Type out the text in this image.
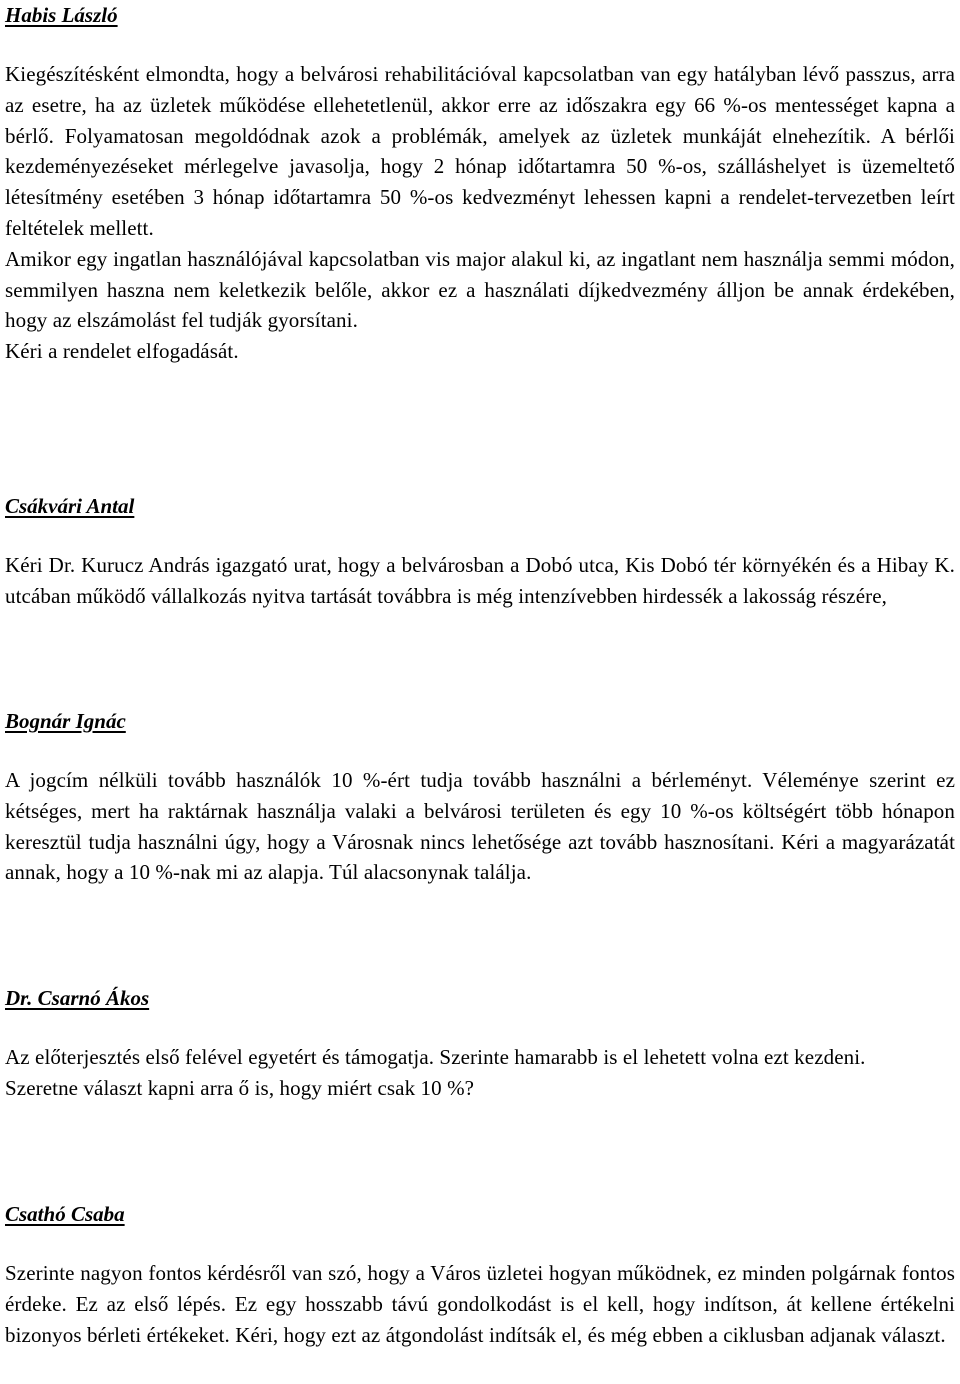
Habis László

Kiegészítésként elmondta, hogy a belvárosi rehabilitációval kapcsolatban van egy hatályban lévő passzus, arra az esetre, ha az üzletek működése ellehetetlenül, akkor erre az időszakra egy 66 %-os mentességet kapna a bérlő. Folyamatosan megoldódnak azok a problémák, amelyek az üzletek munkáját elnehezítik. A bérlői kezdeményezéseket mérlegelve javasolja, hogy 2 hónap időtartamra 50 %-os, szálláshelyet is üzemeltető létesítmény esetében 3 hónap időtartamra 50 %-os kedvezményt lehessen kapni a rendelet-tervezetben leírt feltételek mellett.

Amikor egy ingatlan használójával kapcsolatban vis major alakul ki, az ingatlant nem használja semmi módon, semmilyen haszna nem keletkezik belőle, akkor ez a használati díjkedvezmény álljon be annak érdekében, hogy az elszámolást fel tudják gyorsítani.

Kéri a rendelet elfogadását.

Csákvári Antal

Kéri Dr. Kurucz András igazgató urat, hogy a belvárosban a Dobó utca, Kis Dobó tér környékén és a Hibay K. utcában működő vállalkozás nyitva tartását továbbra is még intenzívebben hirdessék a lakosság részére,

Bognár Ignác

A jogcím nélküli tovább használók 10 %-ért tudja tovább használni a bérleményt. Véleménye szerint ez kétséges, mert ha raktárnak használja valaki a belvárosi területen és egy 10 %-os költségért több hónapon keresztül tudja használni úgy, hogy a Városnak nincs lehetősége azt tovább hasznosítani. Kéri a magyarázatát annak, hogy a 10 %-nak mi az alapja. Túl alacsonynak találja.

Dr. Csarnó Ákos

Az előterjesztés első felével egyetért és támogatja. Szerinte hamarabb is el lehetett volna ezt kezdeni.

Szeretne választ kapni arra ő is, hogy miért csak 10 %?

Csathó Csaba

Szerinte nagyon fontos kérdésről van szó, hogy a Város üzletei hogyan működnek, ez minden polgárnak fontos érdeke. Ez az első lépés. Ez egy hosszabb távú gondolkodást is el kell, hogy indítson, át kellene értékelni bizonyos bérleti értékeket. Kéri, hogy ezt az átgondolást indítsák el, és még ebben a ciklusban adjanak választ.
